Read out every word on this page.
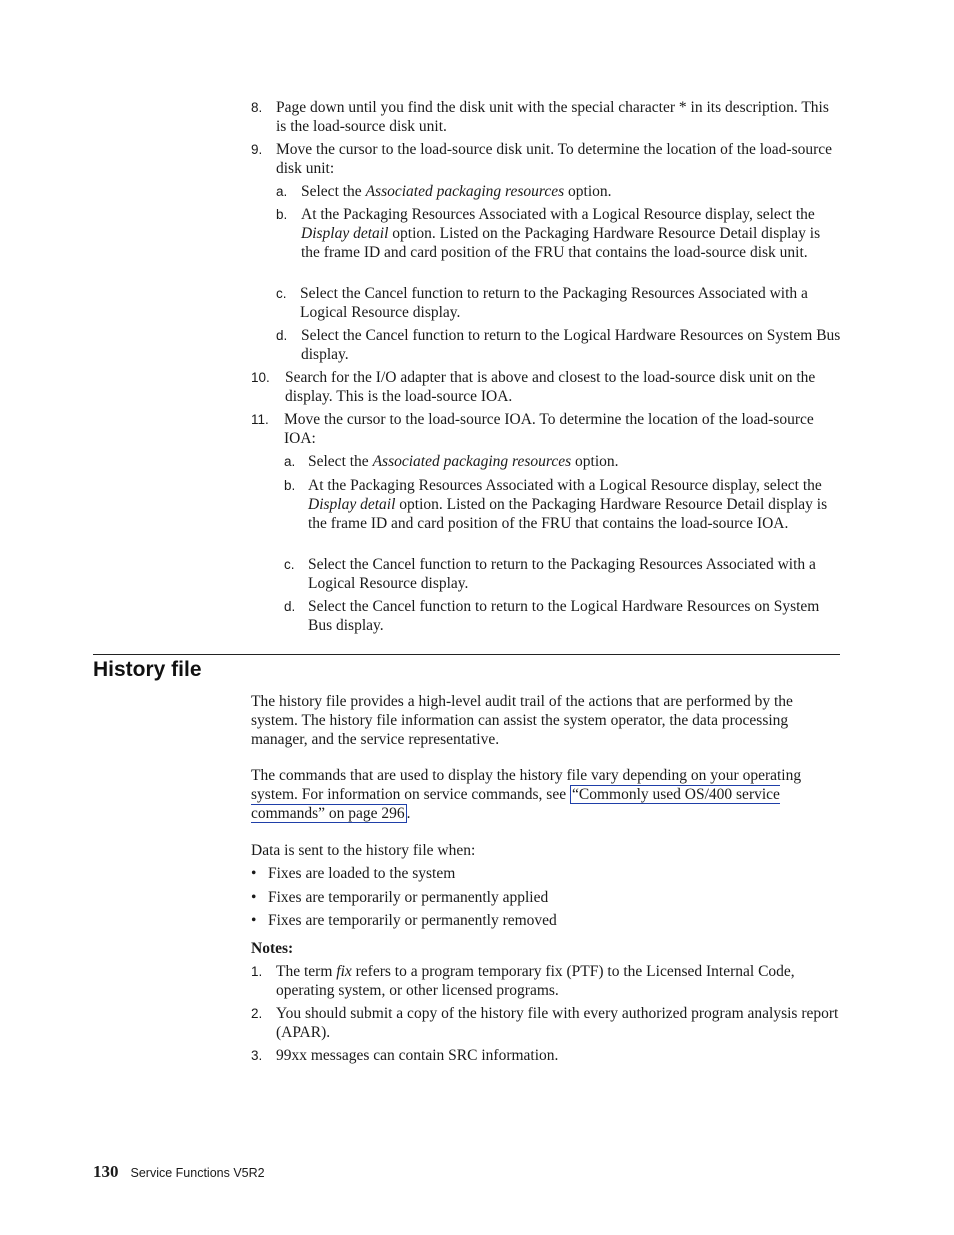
8. Page down until you find the disk unit with the special character * in its description. This is the load-source disk unit.
9. Move the cursor to the load-source disk unit. To determine the location of the load-source disk unit:
a. Select the Associated packaging resources option.
b. At the Packaging Resources Associated with a Logical Resource display, select the Display detail option. Listed on the Packaging Hardware Resource Detail display is the frame ID and card position of the FRU that contains the load-source disk unit.
c. Select the Cancel function to return to the Packaging Resources Associated with a Logical Resource display.
d. Select the Cancel function to return to the Logical Hardware Resources on System Bus display.
10. Search for the I/O adapter that is above and closest to the load-source disk unit on the display. This is the load-source IOA.
11. Move the cursor to the load-source IOA. To determine the location of the load-source IOA:
a. Select the Associated packaging resources option.
b. At the Packaging Resources Associated with a Logical Resource display, select the Display detail option. Listed on the Packaging Hardware Resource Detail display is the frame ID and card position of the FRU that contains the load-source IOA.
c. Select the Cancel function to return to the Packaging Resources Associated with a Logical Resource display.
d. Select the Cancel function to return to the Logical Hardware Resources on System Bus display.
History file
The history file provides a high-level audit trail of the actions that are performed by the system. The history file information can assist the system operator, the data processing manager, and the service representative.
The commands that are used to display the history file vary depending on your operating system. For information on service commands, see “Commonly used OS/400 service commands” on page 296 .
Data is sent to the history file when:
• Fixes are loaded to the system
• Fixes are temporarily or permanently applied
• Fixes are temporarily or permanently removed
Notes:
1. The term fix refers to a program temporary fix (PTF) to the Licensed Internal Code, operating system, or other licensed programs.
2. You should submit a copy of the history file with every authorized program analysis report (APAR).
3. 99xx messages can contain SRC information.
130 Service Functions V5R2
